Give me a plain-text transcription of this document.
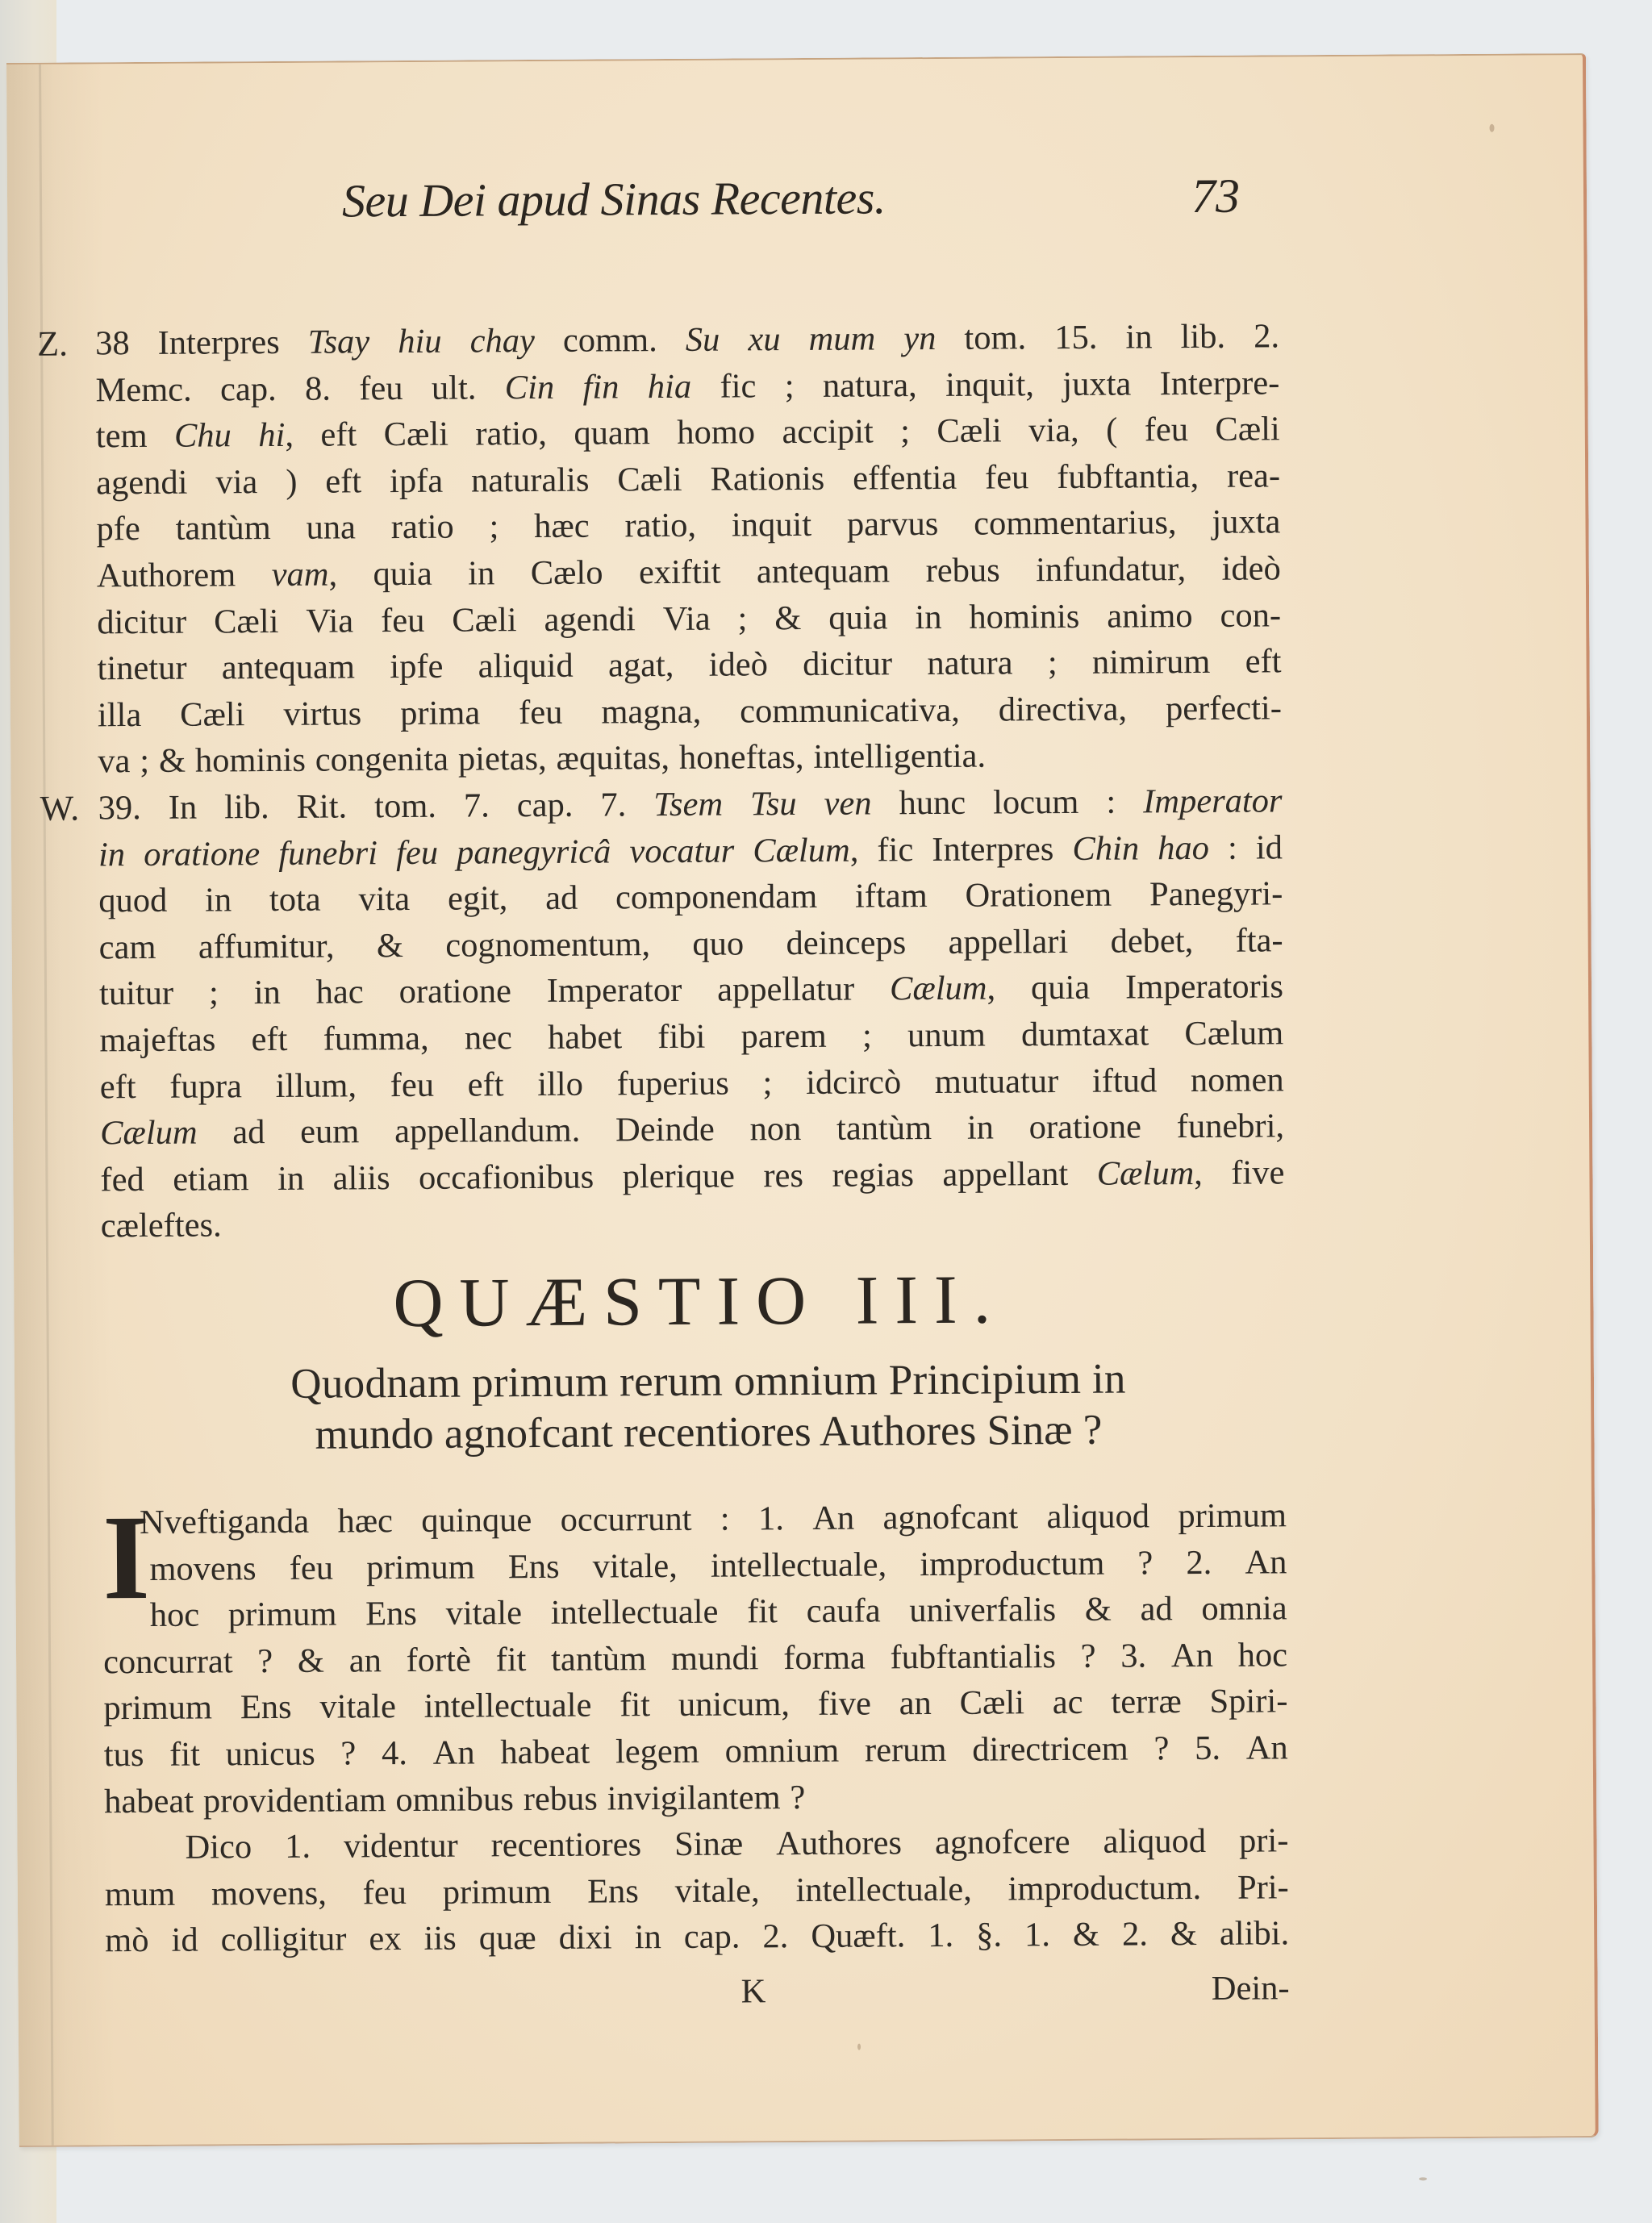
Seu Dei apud Sinas Recentes.	73
Z. 38 Interpres Tsay hiu chay comm. Su xu mum yn tom. 15. in lib. 2.
Memc. cap. 8. feu ult. Cin fin hia fic ; natura, inquit, juxta Interpre-
tem Chu hi, eft Cæli ratio, quam homo accipit ; Cæli via, ( feu Cæli
agendi via ) eft ipfa naturalis Cæli Rationis effentia feu fubftantia, rea-
pfe tantùm una ratio ; hæc ratio, inquit parvus commentarius, juxta
Authorem vam, quia in Cælo exiftit antequam rebus infundatur, ideò
dicitur Cæli Via feu Cæli agendi Via ; & quia in hominis animo con-
tinetur antequam ipfe aliquid agat, ideò dicitur natura ; nimirum eft
illa Cæli virtus prima feu magna, communicativa, directiva, perfecti-
va ; & hominis congenita pietas, æquitas, honeftas, intelligentia.
W. 39. In lib. Rit. tom. 7. cap. 7. Tsem Tsu ven hunc locum : Imperator
in oratione funebri feu panegyricâ vocatur Cælum, fic Interpres Chin hao : id
quod in tota vita egit, ad componendam iftam Orationem Panegyri-
cam affumitur, & cognomentum, quo deinceps appellari debet, fta-
tuitur ; in hac oratione Imperator appellatur Cælum, quia Imperatoris
majeftas eft fumma, nec habet fibi parem ; unum dumtaxat Cælum
eft fupra illum, feu eft illo fuperius ; idcircò mutuatur iftud nomen
Cælum ad eum appellandum. Deinde non tantùm in oratione funebri,
fed etiam in aliis occafionibus plerique res regias appellant Cælum, five
cæleftes.
QUÆSTIO III.
Quodnam primum rerum omnium Principium in
mundo agnofcant recentiores Authores Sinæ ?
I
Nveftiganda hæc quinque occurrunt : 1. An agnofcant aliquod primum
movens feu primum Ens vitale, intellectuale, improductum ? 2. An
hoc primum Ens vitale intellectuale fit caufa univerfalis & ad omnia
concurrat ? & an fortè fit tantùm mundi forma fubftantialis ? 3. An hoc
primum Ens vitale intellectuale fit unicum, five an Cæli ac terræ Spiri-
tus fit unicus ? 4. An habeat legem omnium rerum directricem ? 5. An
habeat providentiam omnibus rebus invigilantem ?
Dico 1. videntur recentiores Sinæ Authores agnofcere aliquod pri-
mum movens, feu primum Ens vitale, intellectuale, improductum. Pri-
mò id colligitur ex iis quæ dixi in cap. 2. Quæft. 1. §. 1. & 2. & alibi.
K	Dein-
